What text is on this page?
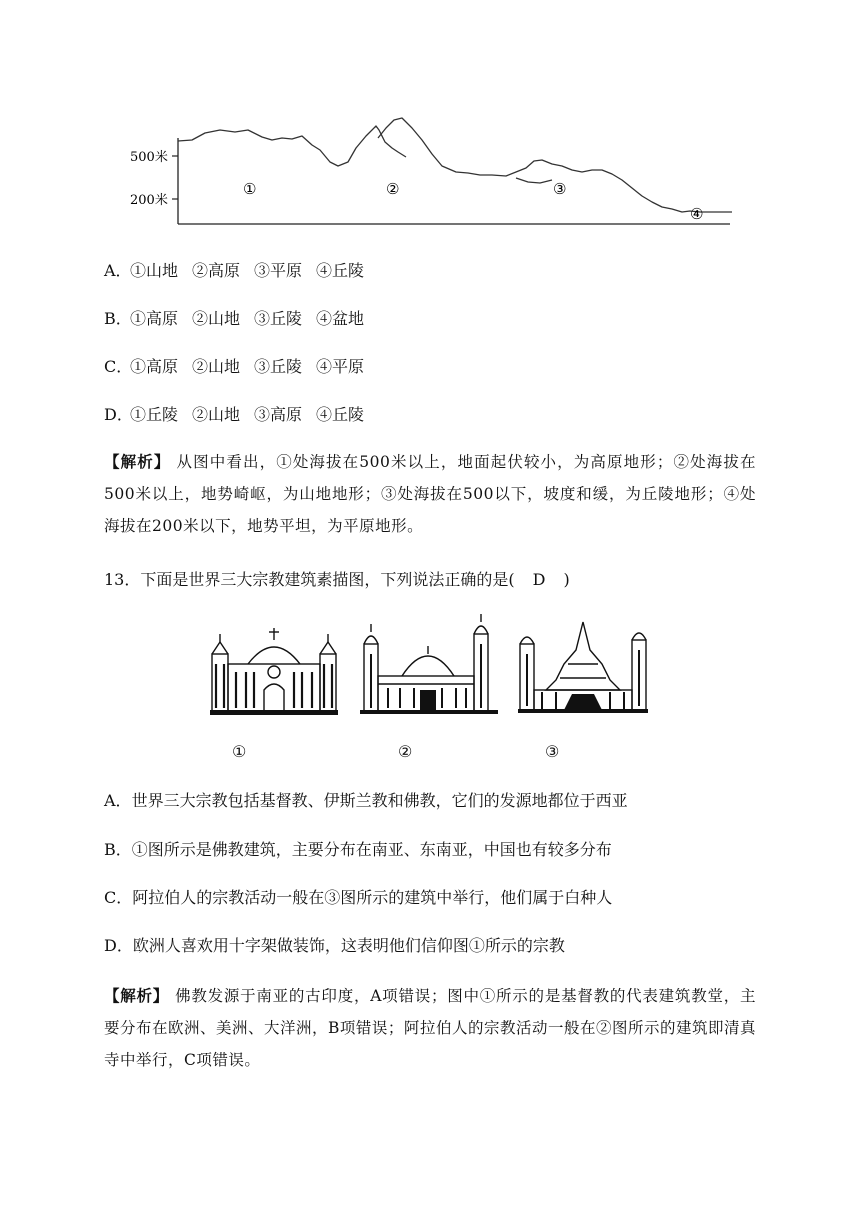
500米
200米
①	②	③
④
A．①山地 ②高原 ③平原 ④丘陵
B．①高原 ②山地 ③丘陵 ④盆地
C．①高原 ②山地 ③丘陵 ④平原
D．①丘陵 ②山地 ③高原 ④丘陵
【解析】 从图中看出，①处海拔在500米以上，地面起伏较小，为高原地形；②处海拔在500米以上，地势崎岖，为山地地形；③处海拔在500以下，坡度和缓，为丘陵地形；④处海拔在200米以下，地势平坦，为平原地形。
13．下面是世界三大宗教建筑素描图，下列说法正确的是( D )
①	②	③
A．世界三大宗教包括基督教、伊斯兰教和佛教，它们的发源地都位于西亚
B．①图所示是佛教建筑，主要分布在南亚、东南亚，中国也有较多分布
C．阿拉伯人的宗教活动一般在③图所示的建筑中举行，他们属于白种人
D．欧洲人喜欢用十字架做装饰，这表明他们信仰图①所示的宗教
【解析】 佛教发源于南亚的古印度，A项错误；图中①所示的是基督教的代表建筑教堂，主要分布在欧洲、美洲、大洋洲，B项错误；阿拉伯人的宗教活动一般在②图所示的建筑即清真寺中举行，C项错误。
